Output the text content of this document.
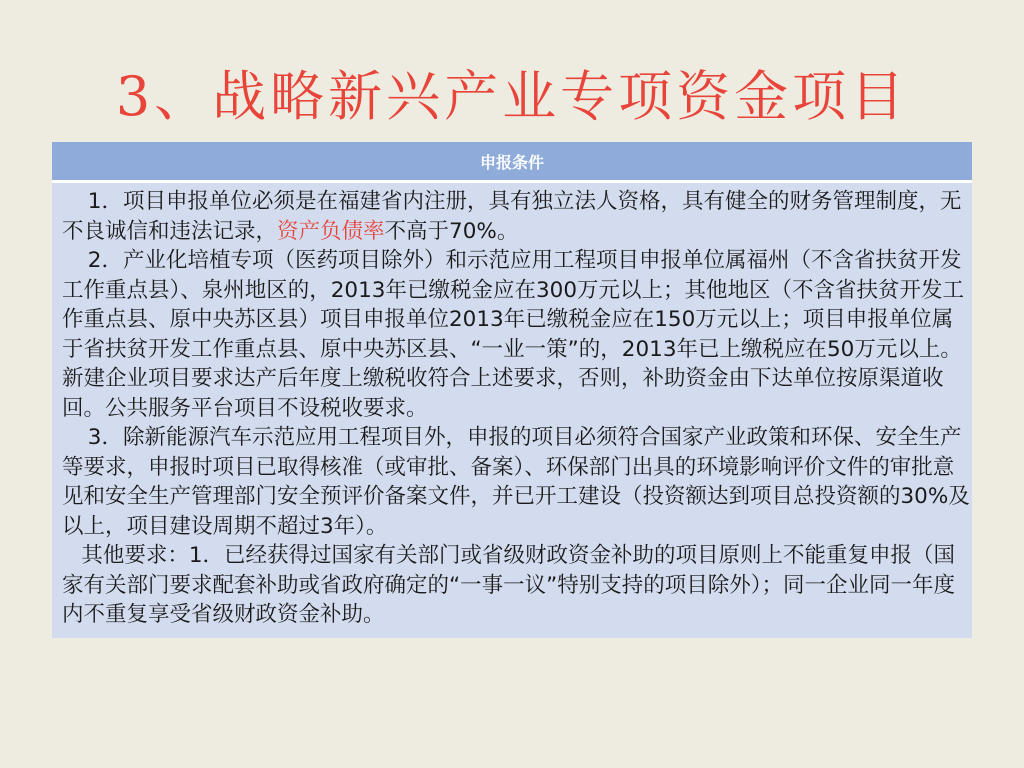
3、战略新兴产业专项资金项目
申报条件

1．项目申报单位必须是在福建省内注册，具有独立法人资格，具有健全的财务管理制度，无不良诚信和违法记录，资产负债率不高于70%。

2．产业化培植专项（医药项目除外）和示范应用工程项目申报单位属福州（不含省扶贫开发工作重点县）、泉州地区的，2013年已缴税金应在300万元以上；其他地区（不含省扶贫开发工作重点县、原中央苏区县）项目申报单位2013年已缴税金应在150万元以上；项目申报单位属于省扶贫开发工作重点县、原中央苏区县、“一业一策”的，2013年已上缴税应在50万元以上。新建企业项目要求达产后年度上缴税收符合上述要求，否则，补助资金由下达单位按原渠道收回。公共服务平台项目不设税收要求。

3．除新能源汽车示范应用工程项目外，申报的项目必须符合国家产业政策和环保、安全生产等要求，申报时项目已取得核准（或审批、备案）、环保部门出具的环境影响评价文件的审批意见和安全生产管理部门安全预评价备案文件，并已开工建设（投资额达到项目总投资额的30%及以上，项目建设周期不超过3年）。

其他要求：1．已经获得过国家有关部门或省级财政资金补助的项目原则上不能重复申报（国家有关部门要求配套补助或省政府确定的“一事一议”特别支持的项目除外）；同一企业同一年度内不重复享受省级财政资金补助。
